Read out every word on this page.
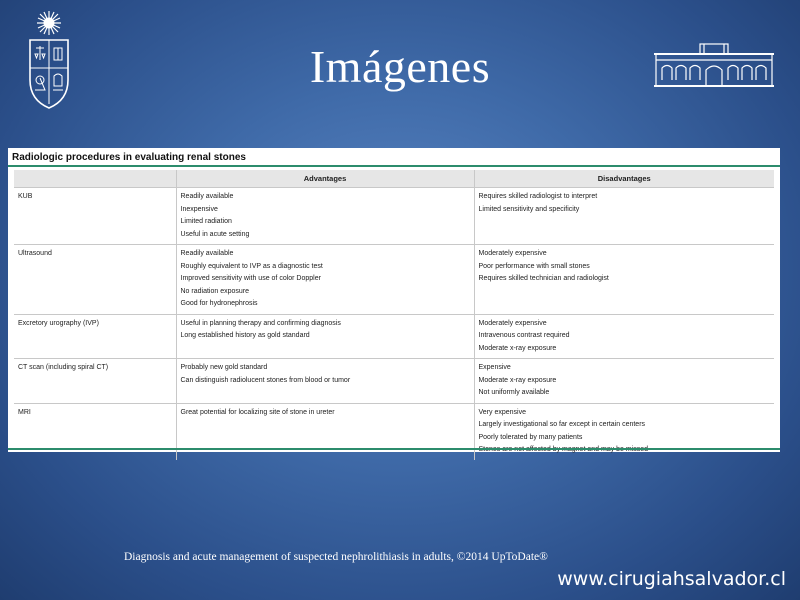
Imágenes
Radiologic procedures in evaluating renal stones
	Advantages	Disadvantages

KUB	Readily available
Inexpensive
Limited radiation
Useful in acute setting	Requires skilled radiologist to interpret
Limited sensitivity and specificity

Ultrasound	Readily available
Roughly equivalent to IVP as a diagnostic test
Improved sensitivity with use of color Doppler
No radiation exposure
Good for hydronephrosis	Moderately expensive
Poor performance with small stones
Requires skilled technician and radiologist

Excretory urography (IVP)	Useful in planning therapy and confirming diagnosis
Long established history as gold standard	Moderately expensive
Intravenous contrast required
Moderate x-ray exposure

CT scan (including spiral CT)	Probably new gold standard
Can distinguish radiolucent stones from blood or tumor	Expensive
Moderate x-ray exposure
Not uniformly available

MRI	Great potential for localizing site of stone in ureter	Very expensive
Largely investigational so far except in certain centers
Poorly tolerated by many patients
Diagnosis and acute management of suspected nephrolithiasis in adults, ©2014 UpToDate®
www.cirugiahsalvador.cl
